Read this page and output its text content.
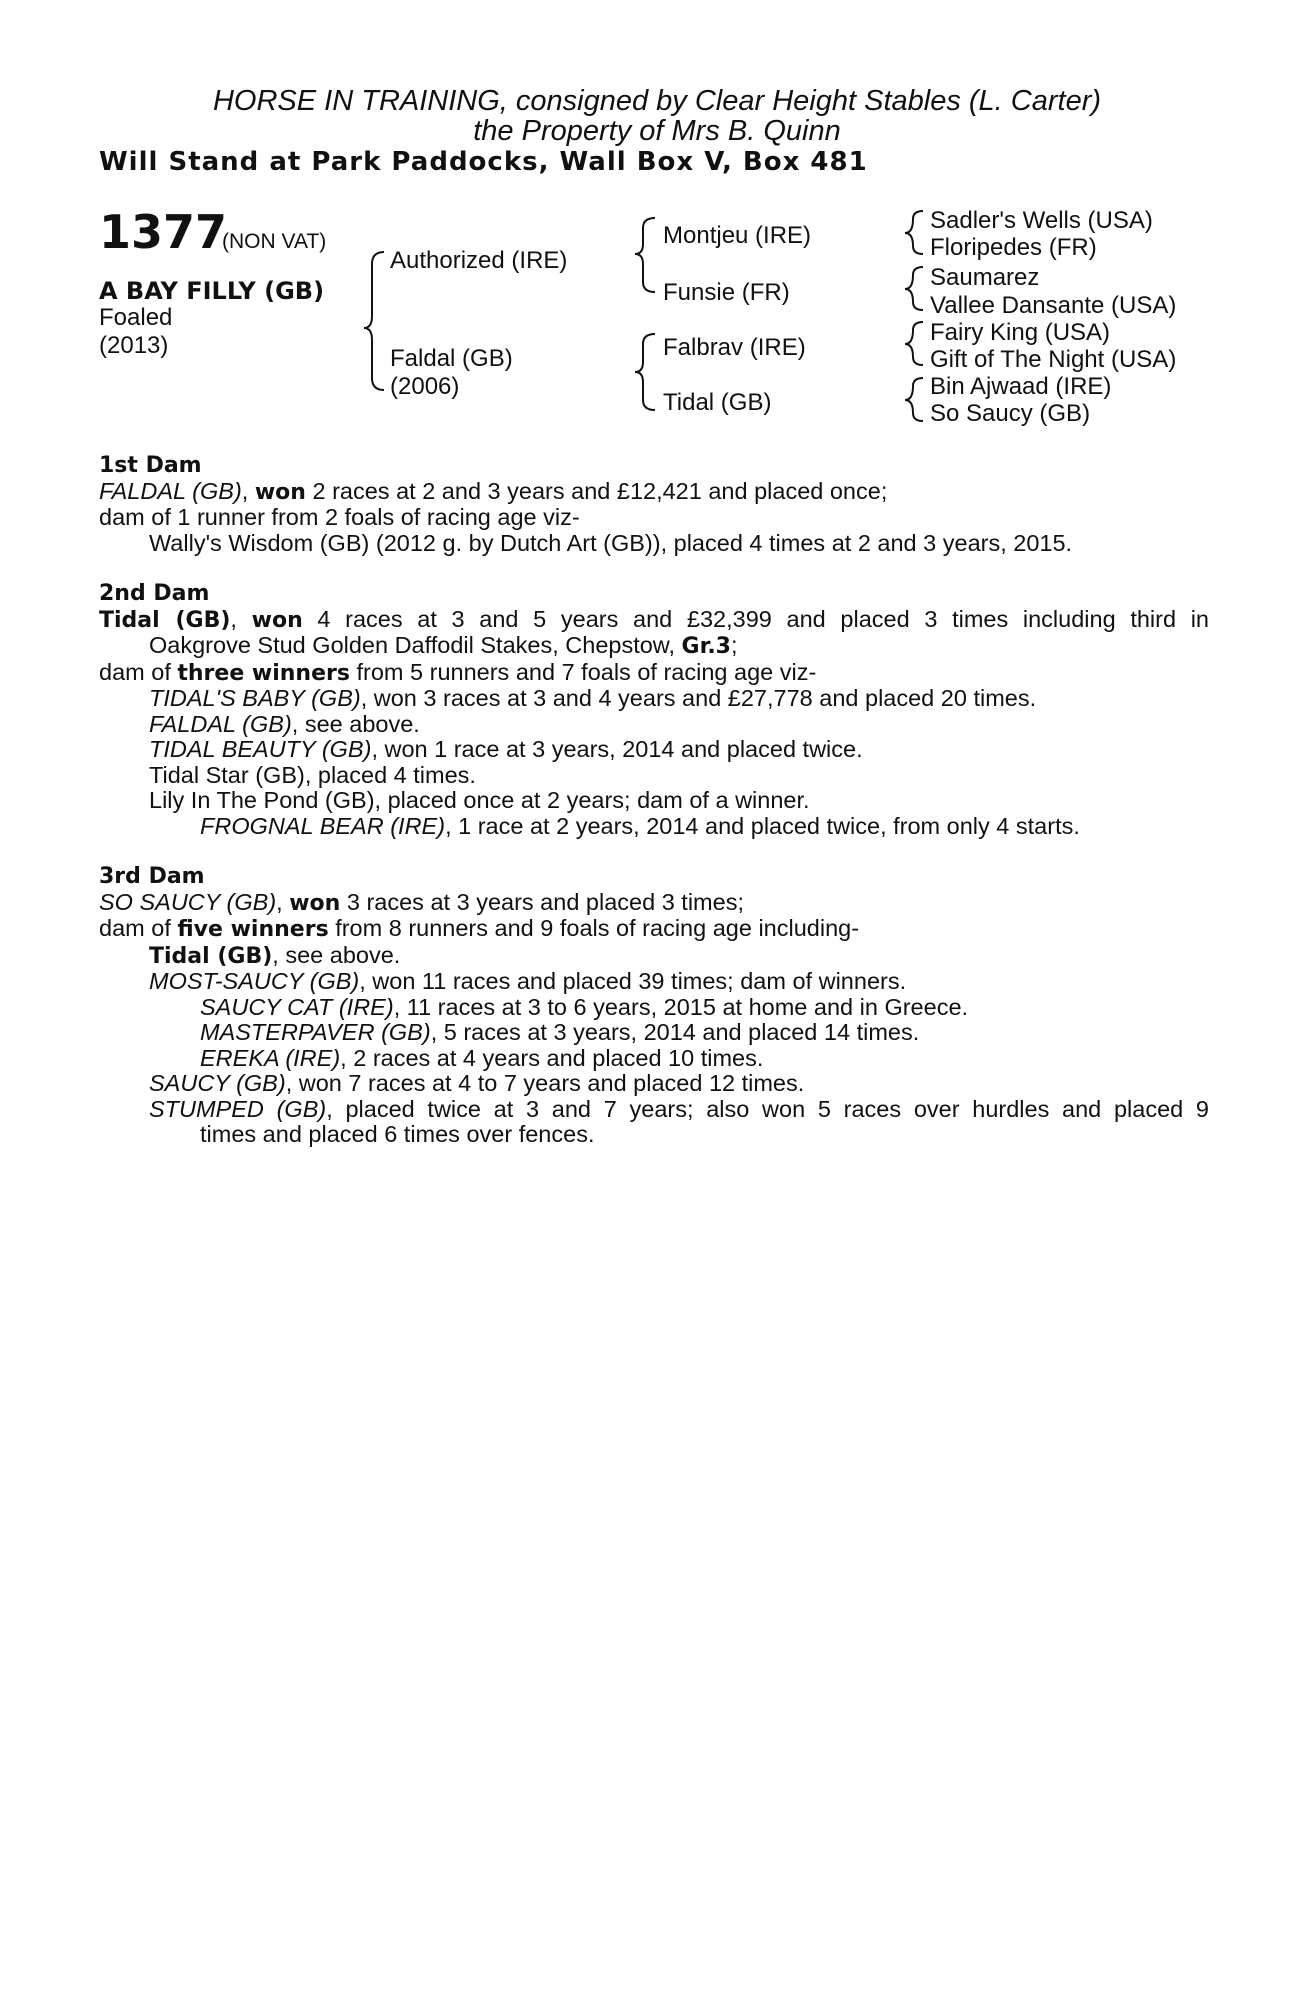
HORSE IN TRAINING, consigned by Clear Height Stables (L. Carter)
the Property of Mrs B. Quinn
Will Stand at Park Paddocks, Wall Box V, Box 481
1377
(NON VAT)
A BAY FILLY (GB)
Foaled
(2013)
Authorized (IRE)
Faldal (GB)
(2006)
Montjeu (IRE)
Funsie (FR)
Falbrav (IRE)
Tidal (GB)
Sadler's Wells (USA)
Floripedes (FR)
Saumarez
Vallee Dansante (USA)
Fairy King (USA)
Gift of The Night (USA)
Bin Ajwaad (IRE)
So Saucy (GB)
1st Dam
FALDAL (GB), won 2 races at 2 and 3 years and £12,421 and placed once;
dam of 1 runner from 2 foals of racing age viz-
Wally's Wisdom (GB) (2012 g. by Dutch Art (GB)), placed 4 times at 2 and 3 years, 2015.
2nd Dam
Tidal (GB), won 4 races at 3 and 5 years and £32,399 and placed 3 times including third in
Oakgrove Stud Golden Daffodil Stakes, Chepstow, Gr.3;
dam of three winners from 5 runners and 7 foals of racing age viz-
TIDAL'S BABY (GB), won 3 races at 3 and 4 years and £27,778 and placed 20 times.
FALDAL (GB), see above.
TIDAL BEAUTY (GB), won 1 race at 3 years, 2014 and placed twice.
Tidal Star (GB), placed 4 times.
Lily In The Pond (GB), placed once at 2 years; dam of a winner.
FROGNAL BEAR (IRE), 1 race at 2 years, 2014 and placed twice, from only 4 starts.
3rd Dam
SO SAUCY (GB), won 3 races at 3 years and placed 3 times;
dam of five winners from 8 runners and 9 foals of racing age including-
Tidal (GB), see above.
MOST-SAUCY (GB), won 11 races and placed 39 times; dam of winners.
SAUCY CAT (IRE), 11 races at 3 to 6 years, 2015 at home and in Greece.
MASTERPAVER (GB), 5 races at 3 years, 2014 and placed 14 times.
EREKA (IRE), 2 races at 4 years and placed 10 times.
SAUCY (GB), won 7 races at 4 to 7 years and placed 12 times.
STUMPED (GB), placed twice at 3 and 7 years; also won 5 races over hurdles and placed 9
times and placed 6 times over fences.
